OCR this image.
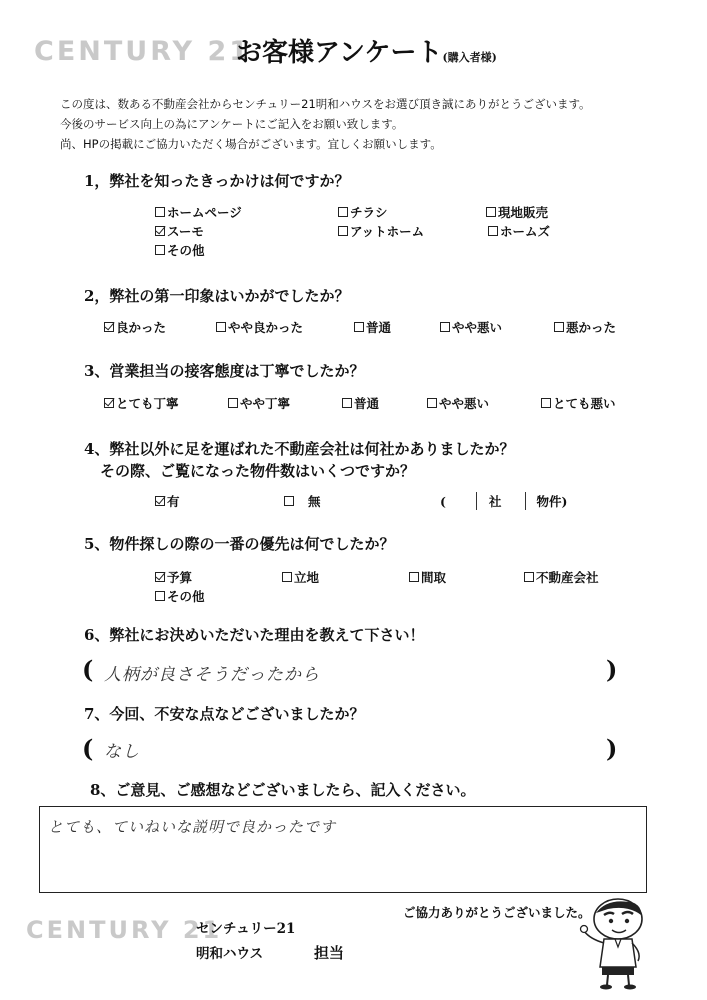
CENTURY 21
お客様アンケート(購入者様)
この度は、数ある不動産会社からセンチュリー21明和ハウスをお選び頂き誠にありがとうございます。
今後のサービス向上の為にアンケートにご記入をお願い致します。
尚、HPの掲載にご協力いただく場合がございます。宜しくお願いします。
1，弊社を知ったきっかけは何ですか？
ホームページ	チラシ	現地販売
スーモ	アットホーム	ホームズ
その他
2，弊社の第一印象はいかがでしたか？
良かった	やや良かった	普通	やや悪い	悪かった
3、営業担当の接客態度は丁寧でしたか？
とても丁寧	やや丁寧	普通	やや悪い	とても悪い
4、弊社以外に足を運ばれた不動産会社は何社かありましたか？
その際、ご覧になった物件数はいくつですか？
有	無	(	社	物件)
5、物件探しの際の一番の優先は何でしたか？
予算	立地	間取	不動産会社
その他
6、弊社にお決めいただいた理由を教えて下さい！
( 人柄が良さそうだったから	)
7、今回、不安な点などございましたか？
( なし	)
8、ご意見、ご感想などございましたら、記入ください。
とても、ていねいな説明で良かったです
CENTURY 21
センチュリー21
明和ハウス	担当
ご協力ありがとうございました。
